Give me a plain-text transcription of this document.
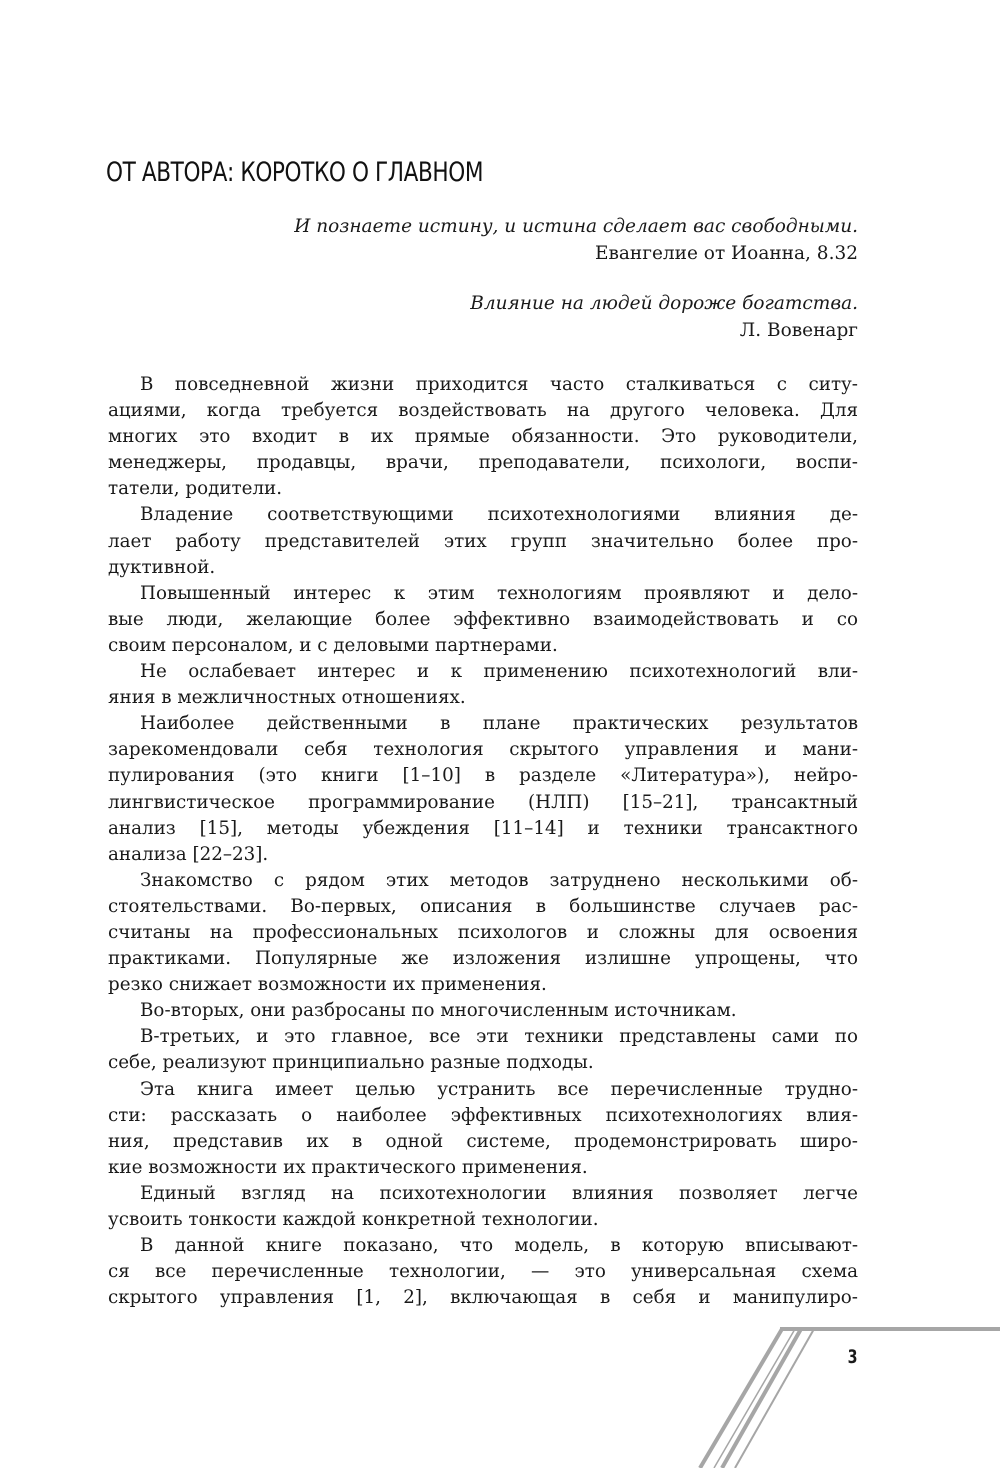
ОТ АВТОРА: КОРОТКО О ГЛАВНОМ
И познаете истину, и истина сделает вас свободными.
Евангелие от Иоанна, 8.32
Влияние на людей дороже богатства.
Л. Вовенарг
В повседневной жизни приходится часто сталкиваться с ситу-
ациями, когда требуется воздействовать на другого человека. Для
многих это входит в их прямые обязанности. Это руководители,
менеджеры, продавцы, врачи, преподаватели, психологи, воспи-
татели, родители.
Владение соответствующими психотехнологиями влияния де-
лает работу представителей этих групп значительно более про-
дуктивной.
Повышенный интерес к этим технологиям проявляют и дело-
вые люди, желающие более эффективно взаимодействовать и со
своим персоналом, и с деловыми партнерами.
Не ослабевает интерес и к применению психотехнологий вли-
яния в межличностных отношениях.
Наиболее действенными в плане практических результатов
зарекомендовали себя технология скрытого управления и мани-
пулирования (это книги [1–10] в разделе «Литература»), нейро-
лингвистическое программирование (НЛП) [15–21], трансактный
анализ [15], методы убеждения [11–14] и техники трансактного
анализа [22–23].
Знакомство с рядом этих методов затруднено несколькими об-
стоятельствами. Во-первых, описания в большинстве случаев рас-
считаны на профессиональных психологов и сложны для освоения
практиками. Популярные же изложения излишне упрощены, что
резко снижает возможности их применения.
Во-вторых, они разбросаны по многочисленным источникам.
В-третьих, и это главное, все эти техники представлены сами по
себе, реализуют принципиально разные подходы.
Эта книга имеет целью устранить все перечисленные трудно-
сти: рассказать о наиболее эффективных психотехнологиях влия-
ния, представив их в одной системе, продемонстрировать широ-
кие возможности их практического применения.
Единый взгляд на психотехнологии влияния позволяет легче
усвоить тонкости каждой конкретной технологии.
В данной книге показано, что модель, в которую вписывают-
ся все перечисленные технологии, — это универсальная схема
скрытого управления [1, 2], включающая в себя и манипулиро-
3
